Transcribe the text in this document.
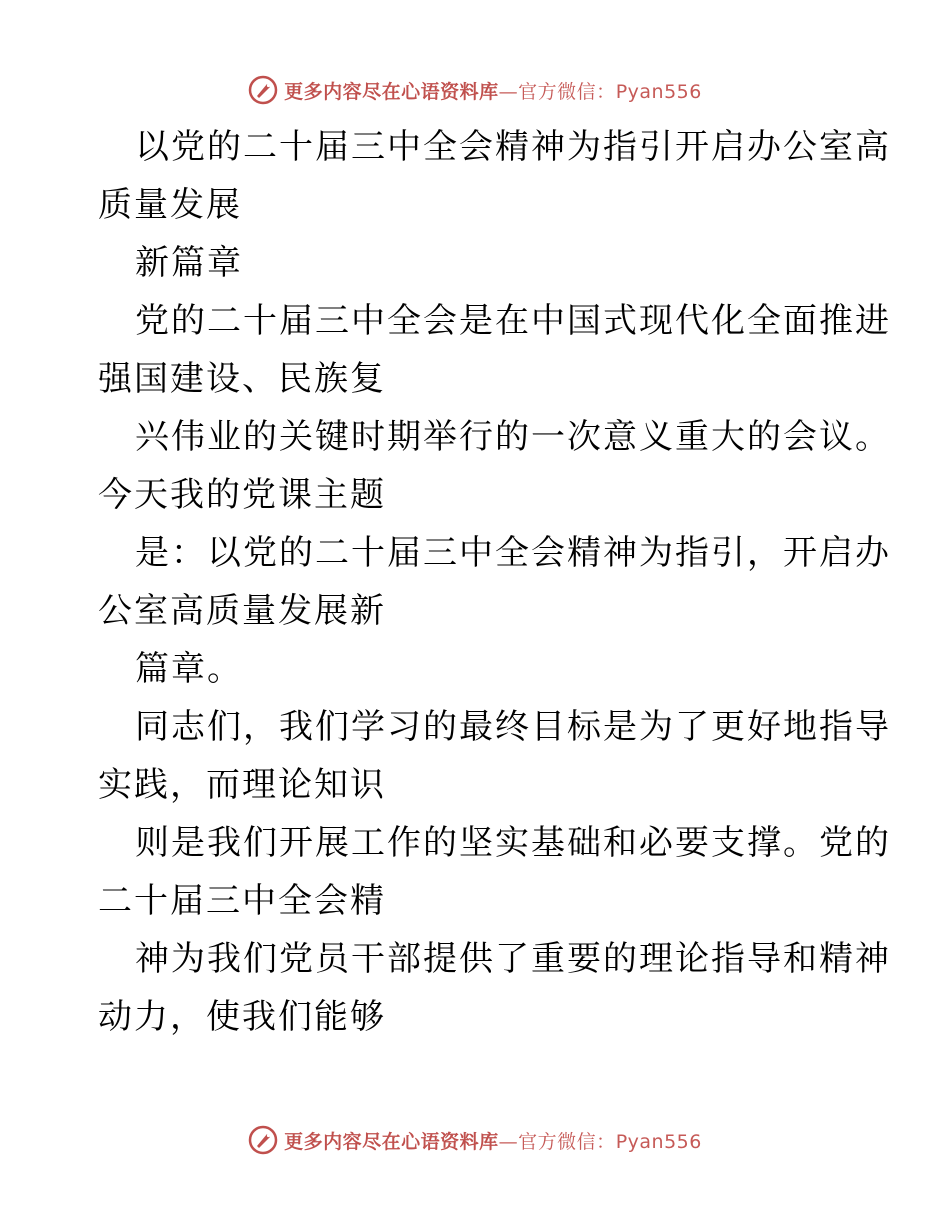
更多内容尽在心语资料库—官方微信：Pyan556
以党的二十届三中全会精神为指引开启办公室高
质量发展
新篇章
党的二十届三中全会是在中国式现代化全面推进
强国建设、民族复
兴伟业的关键时期举行的一次意义重大的会议。
今天我的党课主题
是：以党的二十届三中全会精神为指引，开启办
公室高质量发展新
篇章。
同志们，我们学习的最终目标是为了更好地指导
实践，而理论知识
则是我们开展工作的坚实基础和必要支撑。党的
二十届三中全会精
神为我们党员干部提供了重要的理论指导和精神
动力，使我们能够
更多内容尽在心语资料库—官方微信：Pyan556
